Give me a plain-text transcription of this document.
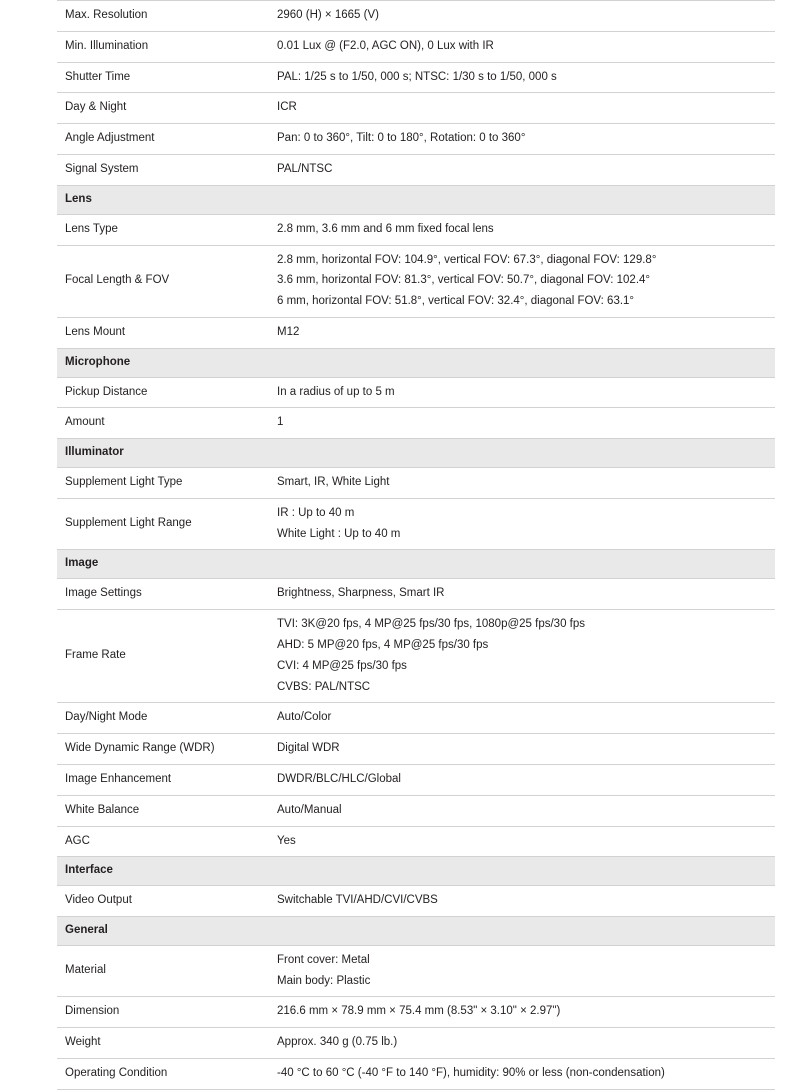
Max. Resolution	2960 (H) × 1665 (V)

Min. Illumination	0.01 Lux @ (F2.0, AGC ON), 0 Lux with IR

Shutter Time	PAL: 1/25 s to 1/50, 000 s; NTSC: 1/30 s to 1/50, 000 s

Day & Night	ICR

Angle Adjustment	Pan: 0 to 360°, Tilt: 0 to 180°, Rotation: 0 to 360°

Signal System	PAL/NTSC

Lens	
Lens Type	2.8 mm, 3.6 mm and 6 mm fixed focal lens

Focal Length & FOV	2.8 mm, horizontal FOV: 104.9°, vertical FOV: 67.3°, diagonal FOV: 129.8°
3.6 mm, horizontal FOV: 81.3°, vertical FOV: 50.7°, diagonal FOV: 102.4°
6 mm, horizontal FOV: 51.8°, vertical FOV: 32.4°, diagonal FOV: 63.1°

Lens Mount	M12

Microphone	
Pickup Distance	In a radius of up to 5 m

Amount	1

Illuminator	
Supplement Light Type	Smart, IR, White Light

Supplement Light Range	IR : Up to 40 m
White Light : Up to 40 m

Image	
Image Settings	Brightness, Sharpness, Smart IR

Frame Rate	TVI: 3K@20 fps, 4 MP@25 fps/30 fps, 1080p@25 fps/30 fps
AHD: 5 MP@20 fps, 4 MP@25 fps/30 fps
CVI: 4 MP@25 fps/30 fps
CVBS: PAL/NTSC

Day/Night Mode	Auto/Color

Wide Dynamic Range (WDR)	Digital WDR

Image Enhancement	DWDR/BLC/HLC/Global

White Balance	Auto/Manual

AGC	Yes

Interface	
Video Output	Switchable TVI/AHD/CVI/CVBS

General	
Material	Front cover: Metal
Main body: Plastic

Dimension	216.6 mm × 78.9 mm × 75.4 mm (8.53" × 3.10" × 2.97")

Weight	Approx. 340 g (0.75 lb.)

Operating Condition	-40 °C to 60 °C (-40 °F to 140 °F), humidity: 90% or less (non-condensation)
